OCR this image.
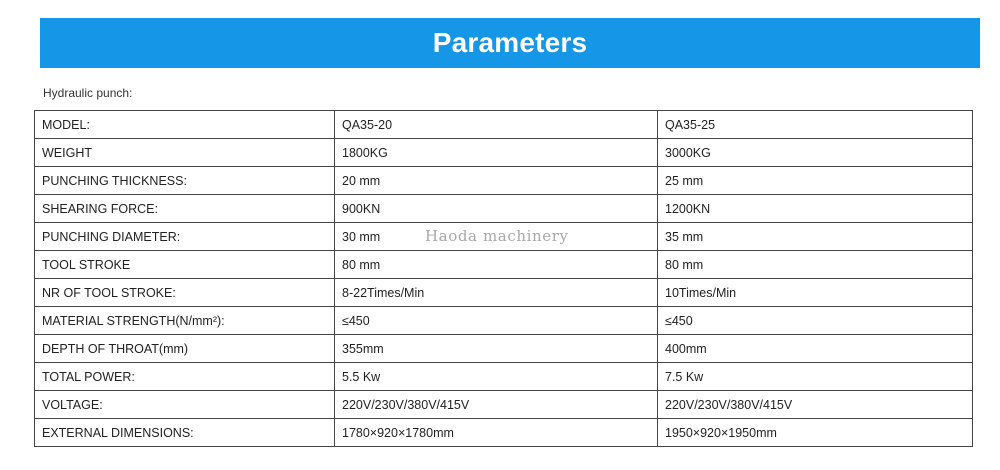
Parameters
Hydraulic punch:
MODEL:	QA35-20	QA35-25
WEIGHT	1800KG	3000KG
PUNCHING THICKNESS:	20 mm	25 mm
SHEARING FORCE:	900KN	1200KN
PUNCHING DIAMETER:	30 mm	35 mm
TOOL STROKE	80 mm	80 mm
NR OF TOOL STROKE:	8-22Times/Min	10Times/Min
MATERIAL STRENGTH(N/mm²):	≤450	≤450
DEPTH OF THROAT(mm)	355mm	400mm
TOTAL POWER:	5.5 Kw	7.5 Kw
VOLTAGE:	220V/230V/380V/415V	220V/230V/380V/415V
EXTERNAL DIMENSIONS:	1780×920×1780mm	1950×920×1950mm
Haoda machinery
